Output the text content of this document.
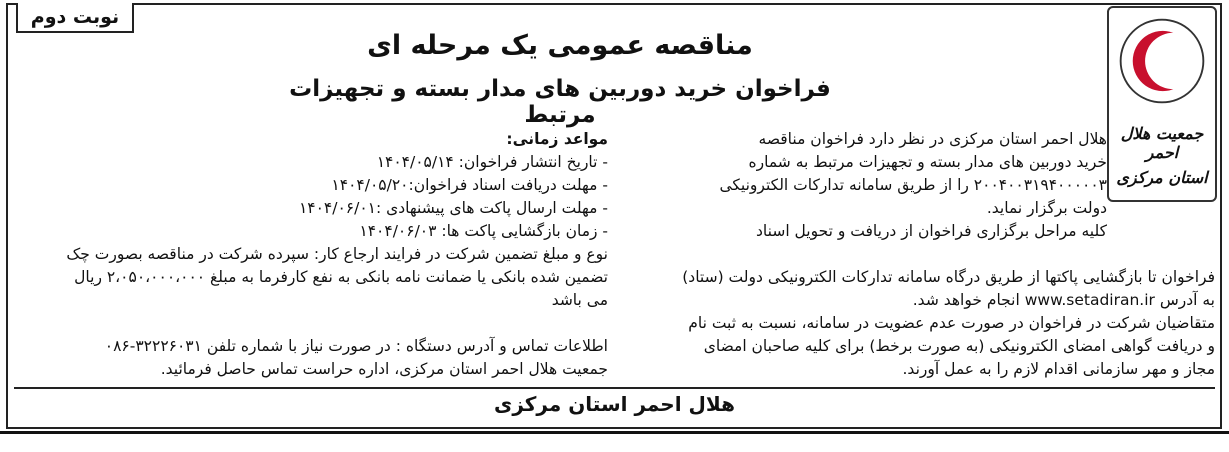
نوبت دوم
جمعیت هلال احمر
استان مرکزی
مناقصه عمومی یک مرحله ای
فراخوان خرید دوربین های مدار بسته و تجهیزات مرتبط
هلال احمر استان مرکزی در نظر دارد فراخوان مناقصه
خرید دوربین های مدار بسته و تجهیزات مرتبط به شماره
۲۰۰۴۰۰۳۱۹۴۰۰۰۰۰۳ را از طریق سامانه تدارکات الکترونیکی
دولت برگزار نماید.
کلیه مراحل برگزاری فراخوان از دریافت و تحویل اسناد
مواعد زمانی:
- تاریخ انتشار فراخوان: ۱۴۰۴/۰۵/۱۴
- مهلت دریافت اسناد فراخوان:۱۴۰۴/۰۵/۲۰
- مهلت ارسال پاکت های پیشنهادی :۱۴۰۴/۰۶/۰۱
- زمان بازگشایی پاکت ها: ۱۴۰۴/۰۶/۰۳
نوع و مبلغ تضمین شرکت در فرایند ارجاع کار: سپرده شرکت در مناقصه بصورت چک
تضمین شده بانکی یا ضمانت نامه بانکی به نفع کارفرما به مبلغ ۲،۰۵۰،۰۰۰،۰۰۰ ریال
می باشد
فراخوان تا بازگشایی پاکتها از طریق درگاه سامانه تدارکات الکترونیکی دولت (ستاد)
به آدرس www.setadiran.ir انجام خواهد شد.
متقاضیان شرکت در فراخوان در صورت عدم عضویت در سامانه، نسبت به ثبت نام
و دریافت گواهی امضای الکترونیکی (به صورت برخط) برای کلیه صاحبان امضای
مجاز و مهر سازمانی اقدام لازم را به عمل آورند.
اطلاعات تماس و آدرس دستگاه : در صورت نیاز با شماره تلفن ۳۲۲۲۶۰۳۱-۰۸۶
جمعیت هلال احمر استان مرکزی، اداره حراست تماس حاصل فرمائید.
هلال احمر استان مرکزی
